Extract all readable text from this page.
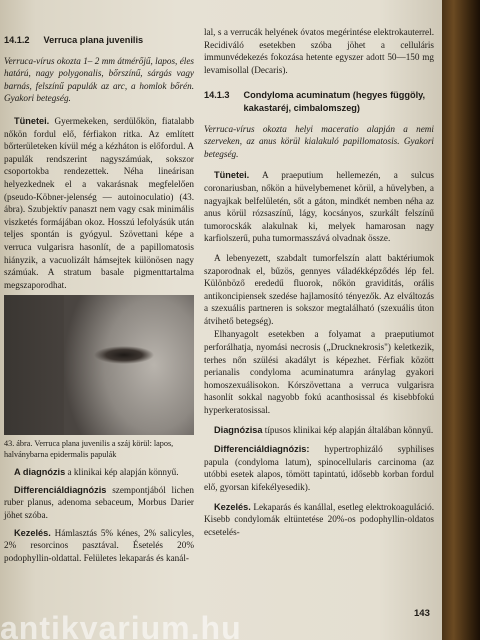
14.1.2 Verruca plana juvenilis

Verruca-vírus okozta 1– 2 mm átmérőjű, lapos, éles határú, nagy polygonalis, bőrszínű, sárgás vagy barnás, felszínű papulák az arc, a homlok bőrén. Gyakori betegség.

Tünetei. Gyermekeken, serdülőkön, fiatalabb nőkön fordul elő, férfiakon ritka. Az említett bőrterületeken kívül még a kézháton is előfordul. A papulák rendszerint nagyszámúak, sokszor csoportokba rendezettek. Néha lineárisan helyezkednek el a vakarásnak megfelelően (pseudo-Köbner-jelenség — autoinoculatio) (43. ábra). Szubjektív panaszt nem vagy csak minimális viszketés formájában okoz. Hosszú lefolyásúk után teljes spontán is gyógyul. Szövettani képe a verruca vulgarisra hasonlít, de a papillomatosis hiányzik, a vacuolizált hámsejtek különösen nagy számúak. A stratum basale pigmenttartalma megszaporodhat.

43. ábra. Verruca plana juvenilis a száj körül: lapos, halványbarna epidermalis papulák

A diagnózis a klinikai kép alapján könnyű.

Differenciáldiagnózis szempontjából lichen ruber planus, adenoma sebaceum, Morbus Darier jöhet szóba.

Kezelés. Hámlasztás 5% kénes, 2% salicyles, 2% resorcinos pasztával. Ésetelés 20% podophyllin-oldattal. Felületes lekaparás és kanál-

lal, s a verrucák helyének óvatos megérintése elektrokauterrel. Recidiváló esetekben szóba jöhet a celluláris immunvédekezés fokozása hetente egyszer adott 50—150 mg levamisollal (Decaris).

14.1.3 Condyloma acuminatum (hegyes függöly, kakastaréj, cimbalomszeg)

Verruca-vírus okozta helyi maceratio alapján a nemi szerveken, az anus körül kialakuló papillomatosis. Gyakori betegség.

Tünetei. A praeputium hellemezén, a sulcus coronariusban, nőkön a hüvelybemenet körül, a hüvelyben, a nagyajkak belfelületén, sőt a gáton, mindkét nemben néha az anus körül rózsaszínű, lágy, kocsányos, szurkált felszínű tumorocskák alakulnak ki, melyek hamarosan nagy karfiolszerű, puha tumormasszává olvadnak össze.

A lebenyezett, szabdalt tumorfelszín alatt baktériumok szaporodnak el, bűzös, gennyes váladékképződés lép fel. Különböző erededű fluorok, nőkön graviditás, orális antikoncipiensek szedése hajlamosító tényezők. Az elváltozás a szexuális partneren is sokszor megtalálható (szexuális úton átvihető betegség).

Elhanyagolt esetekben a folyamat a praeputiumot perforálhatja, nyomási necrosis („Drucknekrosis") keletkezik, terhes nőn szülési akadályt is képezhet. Férfiak között perianalis condyloma acuminatumra aránylag gyakori homoszexuálisokon. Kórszövettana a verruca vulgarisra hasonlít sokkal nagyobb fokú acanthosissal és kisebbfokú hyperkeratosissal.

Diagnózisa típusos klinikai kép alapján általában könnyű.

Differenciáldiagnózis: hypertrophizáló syphilises papula (condyloma latum), spinocellularis carcinoma (az utóbbi esetek alapos, tömött tapintatú, idősebb korban fordul elő, gyorsan kifekélyesedik).

Kezelés. Lekaparás és kanállal, esetleg elektrokoaguláció. Kisebb condylomák eltüntetése 20%-os podophyllin-oldatos ecsetelés-

143
antikvarium.hu
